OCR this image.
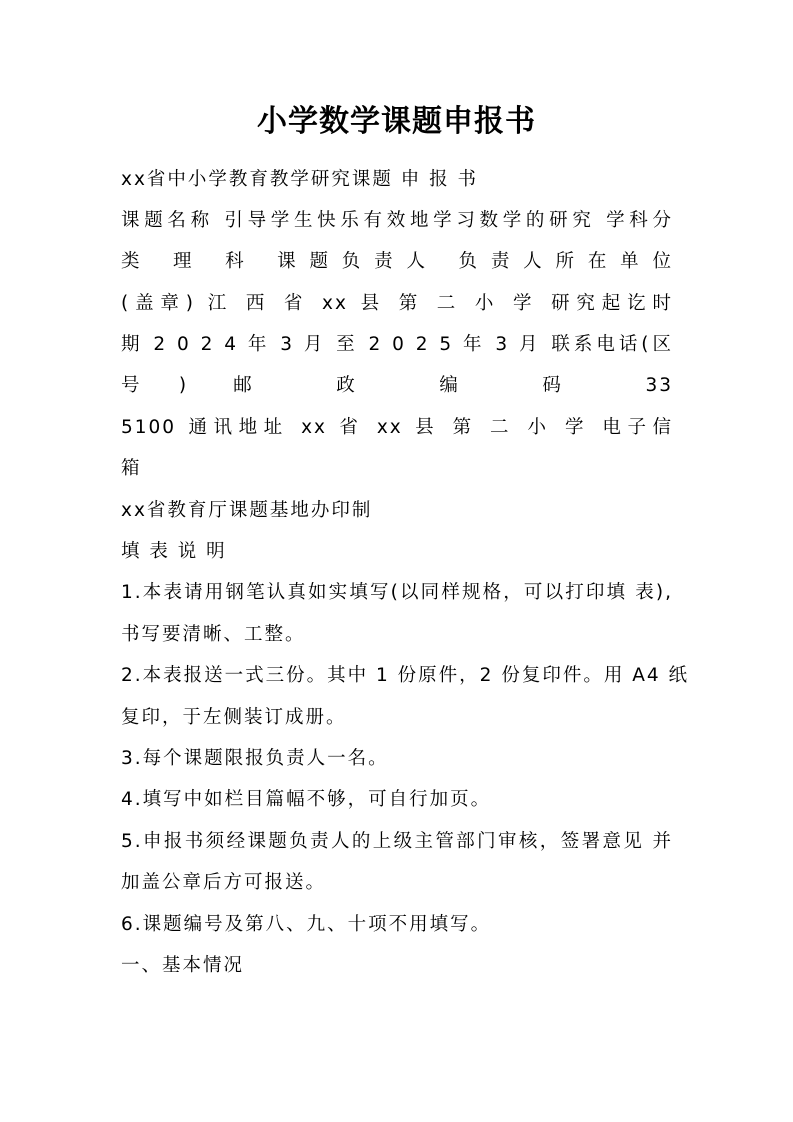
小学数学课题申报书
xx省中小学教育教学研究课题 申 报 书
课题名称 引导学生快乐有效地学习数学的研究 学科分
类 理 科 课题负责人 负责人所在单位
(盖章) 江 西 省 xx 县 第 二 小 学 研究起讫时
期 2 0 2 4 年 3 月 至 2 0 2 5 年 3 月 联系电话(区
号) 邮 政 编 码 33
5100 通讯地址 xx 省 xx 县 第 二 小 学 电子信
箱
xx省教育厅课题基地办印制
填 表 说 明
1.本表请用钢笔认真如实填写(以同样规格，可以打印填 表),
书写要清晰、工整。
2.本表报送一式三份。其中 1 份原件，2 份复印件。用 A4 纸
复印，于左侧装订成册。
3.每个课题限报负责人一名。
4.填写中如栏目篇幅不够，可自行加页。
5.申报书须经课题负责人的上级主管部门审核，签署意见 并
加盖公章后方可报送。
6.课题编号及第八、九、十项不用填写。
一、基本情况
